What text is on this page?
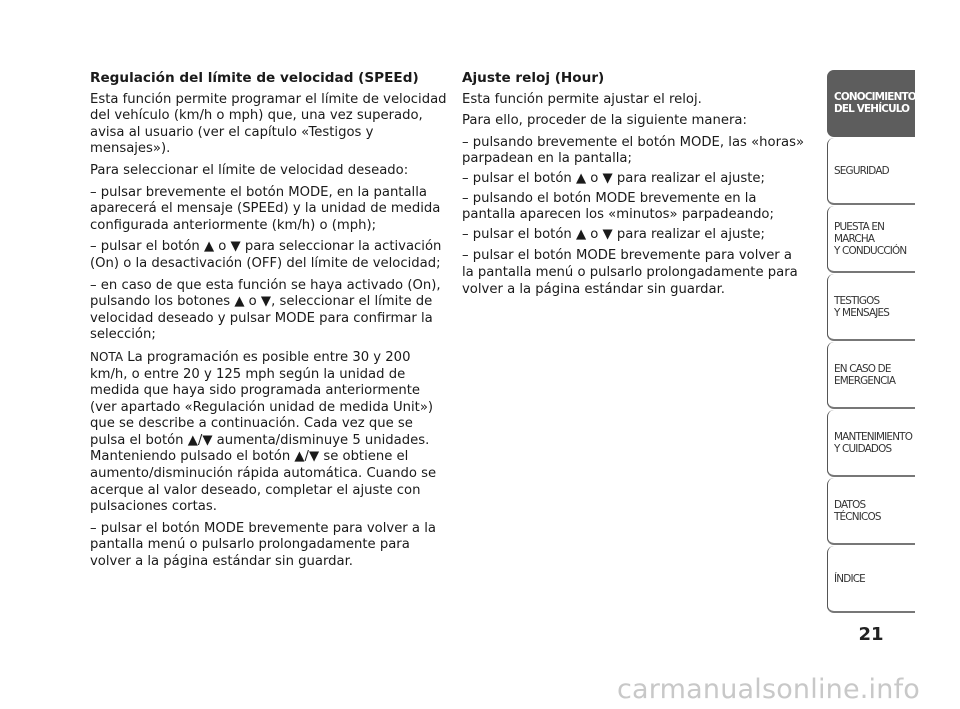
Regulación del límite de velocidad (SPEEd)

Esta función permite programar el límite de velocidad del vehículo (km/h o mph) que, una vez superado, avisa al usuario (ver el capítulo «Testigos y mensajes»).

Para seleccionar el límite de velocidad deseado:

– pulsar brevemente el botón MODE, en la pantalla aparecerá el mensaje (SPEEd) y la unidad de medida configurada anteriormente (km/h) o (mph);

– pulsar el botón ▲ o ▼ para seleccionar la activación (On) o la desactivación (OFF) del límite de velocidad;

– en caso de que esta función se haya activado (On), pulsando los botones ▲ o ▼, seleccionar el límite de velocidad deseado y pulsar MODE para confirmar la selección;

NOTA La programación es posible entre 30 y 200 km/h, o entre 20 y 125 mph según la unidad de medida que haya sido programada anteriormente (ver apartado «Regulación unidad de medida Unit») que se describe a continuación. Cada vez que se pulsa el botón ▲/▼ aumenta/disminuye 5 unidades. Manteniendo pulsado el botón ▲/▼ se obtiene el aumento/disminución rápida automática. Cuando se acerque al valor deseado, completar el ajuste con pulsaciones cortas.

– pulsar el botón MODE brevemente para volver a la pantalla menú o pulsarlo prolongadamente para volver a la página estándar sin guardar.

Ajuste reloj (Hour)

Esta función permite ajustar el reloj.

Para ello, proceder de la siguiente manera:

– pulsando brevemente el botón MODE, las «horas» parpadean en la pantalla;

– pulsar el botón ▲ o ▼ para realizar el ajuste;

– pulsando el botón MODE brevemente en la pantalla aparecen los «minutos» parpadeando;

– pulsar el botón ▲ o ▼ para realizar el ajuste;

– pulsar el botón MODE brevemente para volver a la pantalla menú o pulsarlo prolongadamente para volver a la página estándar sin guardar.

CONOCIMIENTO
DEL VEHÍCULO
SEGURIDAD
PUESTA EN
MARCHA
Y CONDUCCIÓN
TESTIGOS
Y MENSAJES
EN CASO DE
EMERGENCIA
MANTENIMIENTO
Y CUIDADOS
DATOS
TÉCNICOS
ÍNDICE
21
carmanualsonline.info
